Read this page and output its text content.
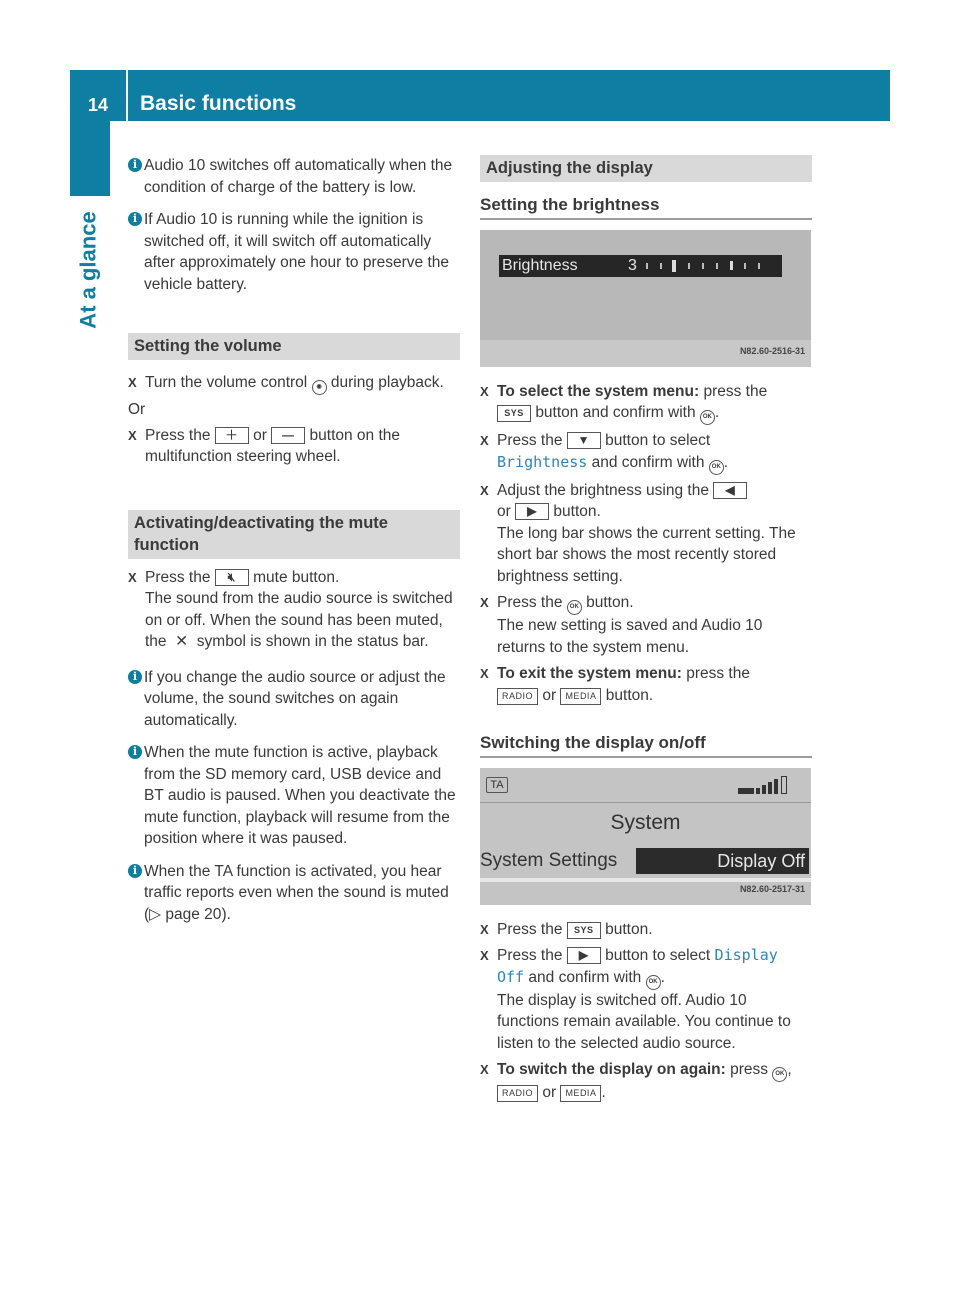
14	Basic functions
At a glance
i Audio 10 switches off automatically when the condition of charge of the battery is low.
i If Audio 10 is running while the ignition is switched off, it will switch off automatically after approximately one hour to preserve the vehicle battery.
Setting the volume
X Turn the volume control ◉ during playback.
Or
X Press the ＋ or — button on the multifunction steering wheel.
Activating/deactivating the mute function
X Press the 🔇︎ mute button.
The sound from the audio source is switched on or off. When the sound has been muted, the  ✕  symbol is shown in the status bar.
i If you change the audio source or adjust the volume, the sound switches on again automatically.
i When the mute function is active, playback from the SD memory card, USB device and BT audio is paused. When you deactivate the mute function, playback will resume from the position where it was paused.
i When the TA function is activated, you hear traffic reports even when the sound is muted (▷ page 20).
Adjusting the display
Setting the brightness
Brightness	3
N82.60-2516-31
X To select the system menu: press the
SYS button and confirm with OK .
X Press the ▼ button to select
Brightness and confirm with OK .
X Adjust the brightness using the ◀
or ▶ button.
The long bar shows the current setting. The short bar shows the most recently stored brightness setting.
X Press the OK button.
The new setting is saved and Audio 10 returns to the system menu.
X To exit the system menu: press the
RADIO or MEDIA button.
Switching the display on/off
TA
System
System Settings	Display Off
N82.60-2517-31
X Press the SYS button.
X Press the ▶ button to select Display Off and confirm with OK .
The display is switched off. Audio 10 functions remain available. You continue to listen to the selected audio source.
X To switch the display on again: press OK ,
RADIO or MEDIA .
